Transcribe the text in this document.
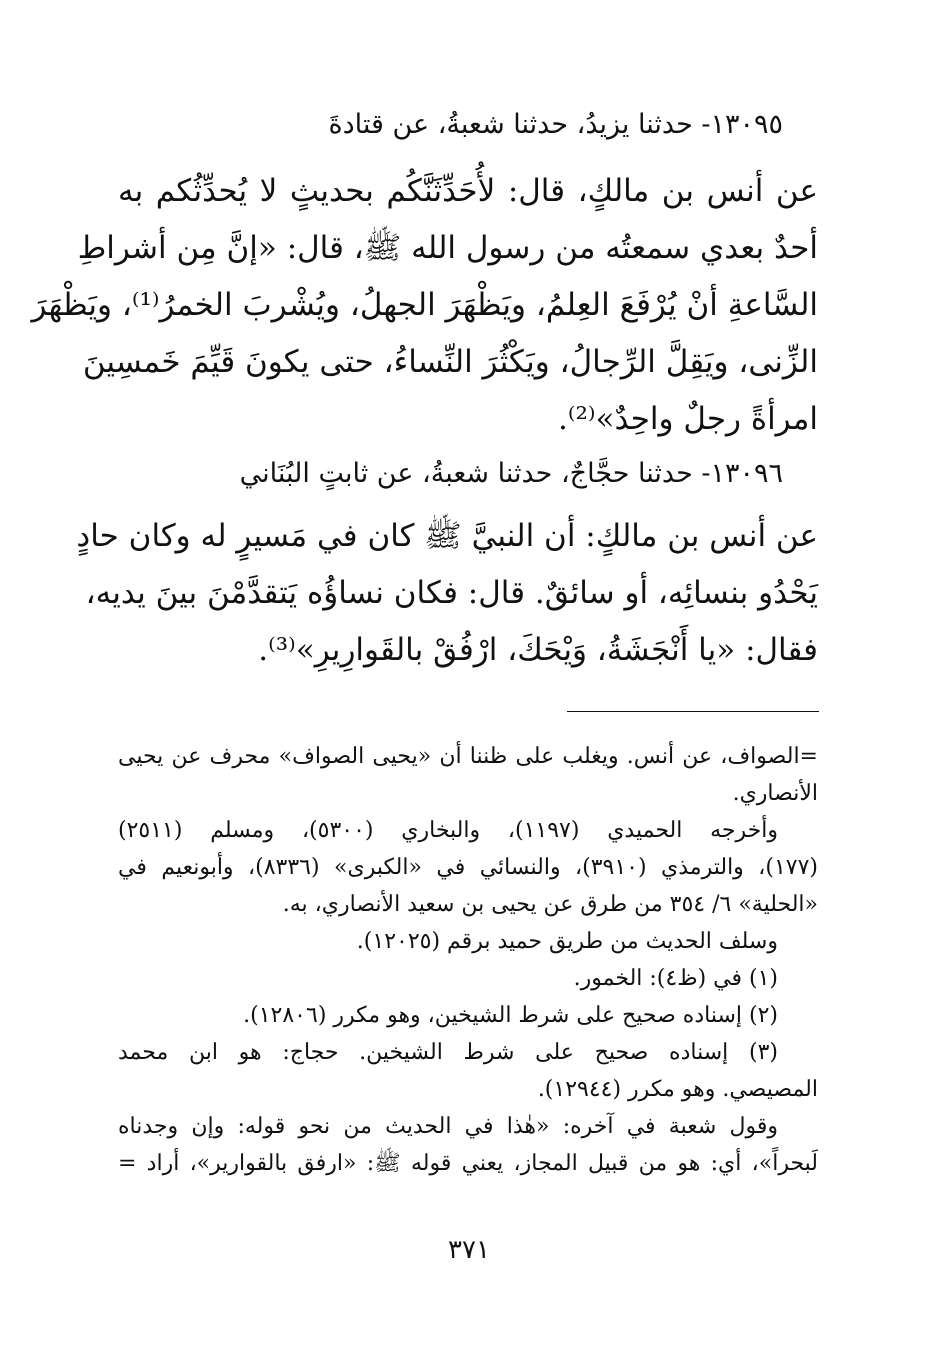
١٣٠٩٥- حدثنا يزيدُ، حدثنا شعبةُ، عن قتادةَ
عن أنس بن مالكٍ، قال: لأُحَدِّثَنَّكُم بحديثٍ لا يُحدِّثُكم به
أحدٌ بعدي سمعتُه من رسول الله ﷺ، قال: «إنَّ مِن أشراطِ
السَّاعةِ أنْ يُرْفَعَ العِلمُ، ويَظْهَرَ الجهلُ، ويُشْربَ الخمرُ⁽¹⁾، ويَظْهَرَ
الزِّنى، ويَقِلَّ الرِّجالُ، ويَكْثُرَ النِّساءُ، حتى يكونَ قَيِّمَ خَمسِينَ
امرأةً رجلٌ واحِدٌ»⁽²⁾.
١٣٠٩٦- حدثنا حجَّاجٌ، حدثنا شعبةُ، عن ثابتٍ البُنَاني
عن أنس بن مالكٍ: أن النبيَّ ﷺ كان في مَسيرٍ له وكان حادٍ
يَحْدُو بنسائِه، أو سائقٌ. قال: فكان نساؤُه يَتقدَّمْنَ بينَ يديه،
فقال: «يا أَنْجَشَةُ، وَيْحَكَ، ارْفُقْ بالقَوارِيرِ»⁽³⁾.
=الصواف، عن أنس. ويغلب على ظننا أن «يحيى الصواف» محرف عن يحيى
الأنصاري.
وأخرجه الحميدي (١١٩٧)، والبخاري (٥٣٠٠)، ومسلم (٢٥١١)
(١٧٧)، والترمذي (٣٩١٠)، والنسائي في «الكبرى» (٨٣٣٦)، وأبونعيم في
«الحلية» ٦/ ٣٥٤ من طرق عن يحيى بن سعيد الأنصاري، به.
وسلف الحديث من طريق حميد برقم (١٢٠٢٥).
(١) في (ظ٤): الخمور.
(٢) إسناده صحيح على شرط الشيخين، وهو مكرر (١٢٨٠٦).
(٣) إسناده صحيح على شرط الشيخين. حجاج: هو ابن محمد
المصيصي. وهو مكرر (١٢٩٤٤).
وقول شعبة في آخره: «هٰذا في الحديث من نحو قوله: وإن وجدناه
لَبحراً»، أي: هو من قبيل المجاز، يعني قوله ﷺ: «ارفق بالقوارير»، أراد =
٣٧١
